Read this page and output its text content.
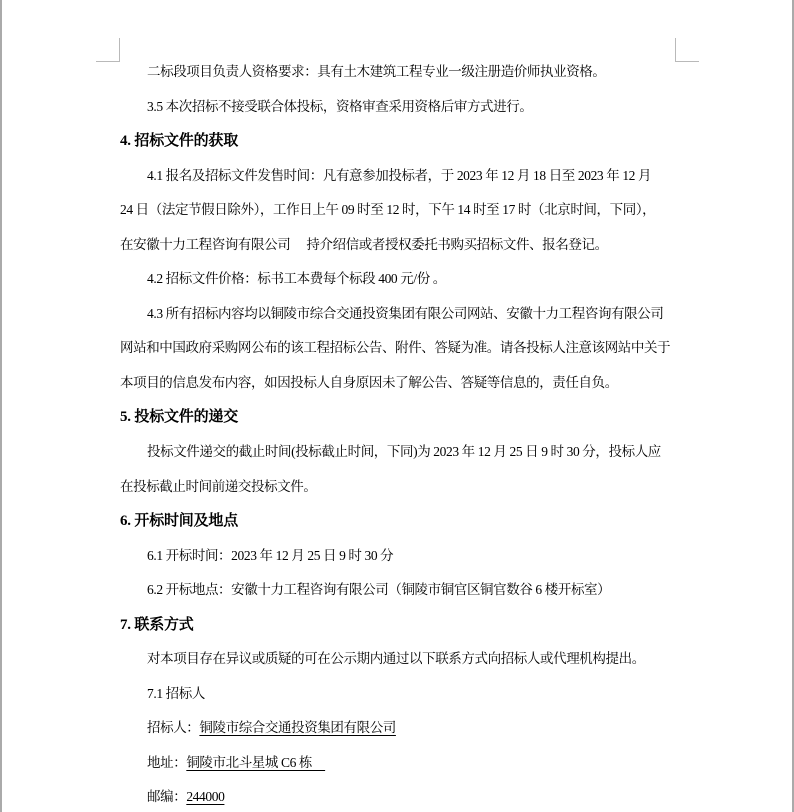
二标段项目负责人资格要求：具有土木建筑工程专业一级注册造价师执业资格。
3.5 本次招标不接受联合体投标，资格审查采用资格后审方式进行。
4. 招标文件的获取
4.1 报名及招标文件发售时间：凡有意参加投标者，于 2023 年 12 月 18 日至 2023 年 12 月
24 日（法定节假日除外），工作日上午 09 时至 12 时，下午 14 时至 17 时（北京时间，下同），
在安徽十力工程咨询有限公司　 持介绍信或者授权委托书购买招标文件、报名登记。
4.2 招标文件价格：标书工本费每个标段 400 元/份 。
4.3 所有招标内容均以铜陵市综合交通投资集团有限公司网站、安徽十力工程咨询有限公司
网站和中国政府采购网公布的该工程招标公告、附件、答疑为准。请各投标人注意该网站中关于
本项目的信息发布内容，如因投标人自身原因未了解公告、答疑等信息的，责任自负。
5. 投标文件的递交
投标文件递交的截止时间(投标截止时间，下同)为 2023 年 12 月 25 日 9 时 30 分，投标人应
在投标截止时间前递交投标文件。
6. 开标时间及地点
6.1 开标时间：2023 年 12 月 25 日 9 时 30 分
6.2 开标地点：安徽十力工程咨询有限公司（铜陵市铜官区铜官数谷 6 楼开标室）
7. 联系方式
对本项目存在异议或质疑的可在公示期内通过以下联系方式向招标人或代理机构提出。
7.1 招标人
招标人：铜陵市综合交通投资集团有限公司
地址：铜陵市北斗星城 C6 栋　
邮编：244000
